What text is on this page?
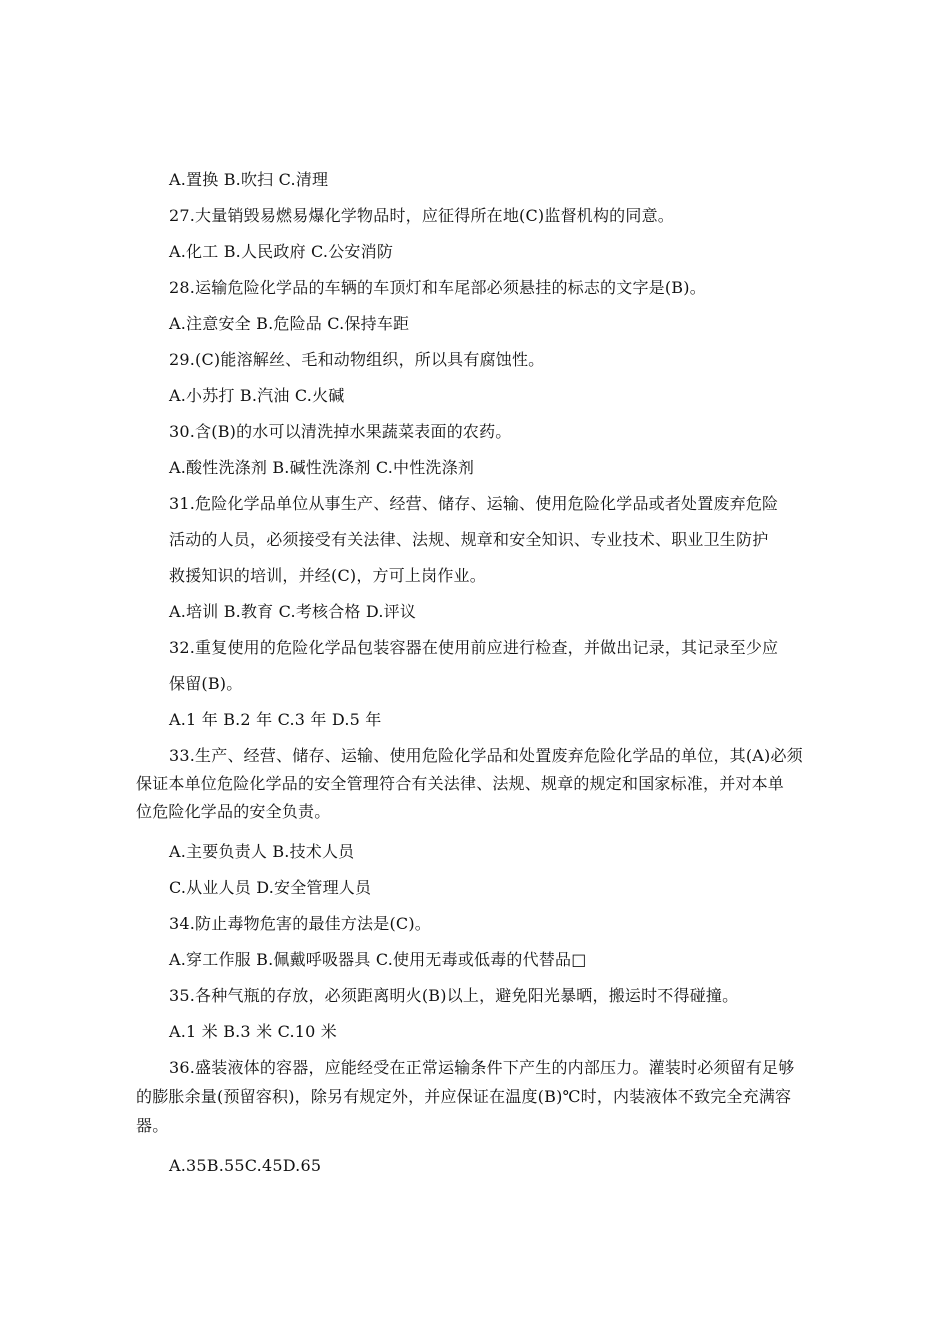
A.置换 B.吹扫 C.清理
27.大量销毁易燃易爆化学物品时，应征得所在地(C)监督机构的同意。
A.化工 B.人民政府 C.公安消防
28.运输危险化学品的车辆的车顶灯和车尾部必须悬挂的标志的文字是(B)。
A.注意安全 B.危险品 C.保持车距
29.(C)能溶解丝、毛和动物组织，所以具有腐蚀性。
A.小苏打 B.汽油 C.火碱
30.含(B)的水可以清洗掉水果蔬菜表面的农药。
A.酸性洗涤剂 B.碱性洗涤剂 C.中性洗涤剂
31.危险化学品单位从事生产、经营、储存、运输、使用危险化学品或者处置废弃危险
活动的人员，必须接受有关法律、法规、规章和安全知识、专业技术、职业卫生防护
救援知识的培训，并经(C)，方可上岗作业。
A.培训 B.教育 C.考核合格 D.评议
32.重复使用的危险化学品包装容器在使用前应进行检查，并做出记录，其记录至少应
保留(B)。
A.1 年 B.2 年 C.3 年 D.5 年
33.生产、经营、储存、运输、使用危险化学品和处置废弃危险化学品的单位，其(A)必须
保证本单位危险化学品的安全管理符合有关法律、法规、规章的规定和国家标准，并对本单
位危险化学品的安全负责。
A.主要负责人 B.技术人员
C.从业人员 D.安全管理人员
34.防止毒物危害的最佳方法是(C)。
A.穿工作服 B.佩戴呼吸器具 C.使用无毒或低毒的代替品□
35.各种气瓶的存放，必须距离明火(B)以上，避免阳光暴晒，搬运时不得碰撞。
A.1 米 B.3 米 C.10 米
36.盛装液体的容器，应能经受在正常运输条件下产生的内部压力。灌装时必须留有足够
的膨胀余量(预留容积)，除另有规定外，并应保证在温度(B)℃时，内装液体不致完全充满容
器。
A.35B.55C.45D.65
